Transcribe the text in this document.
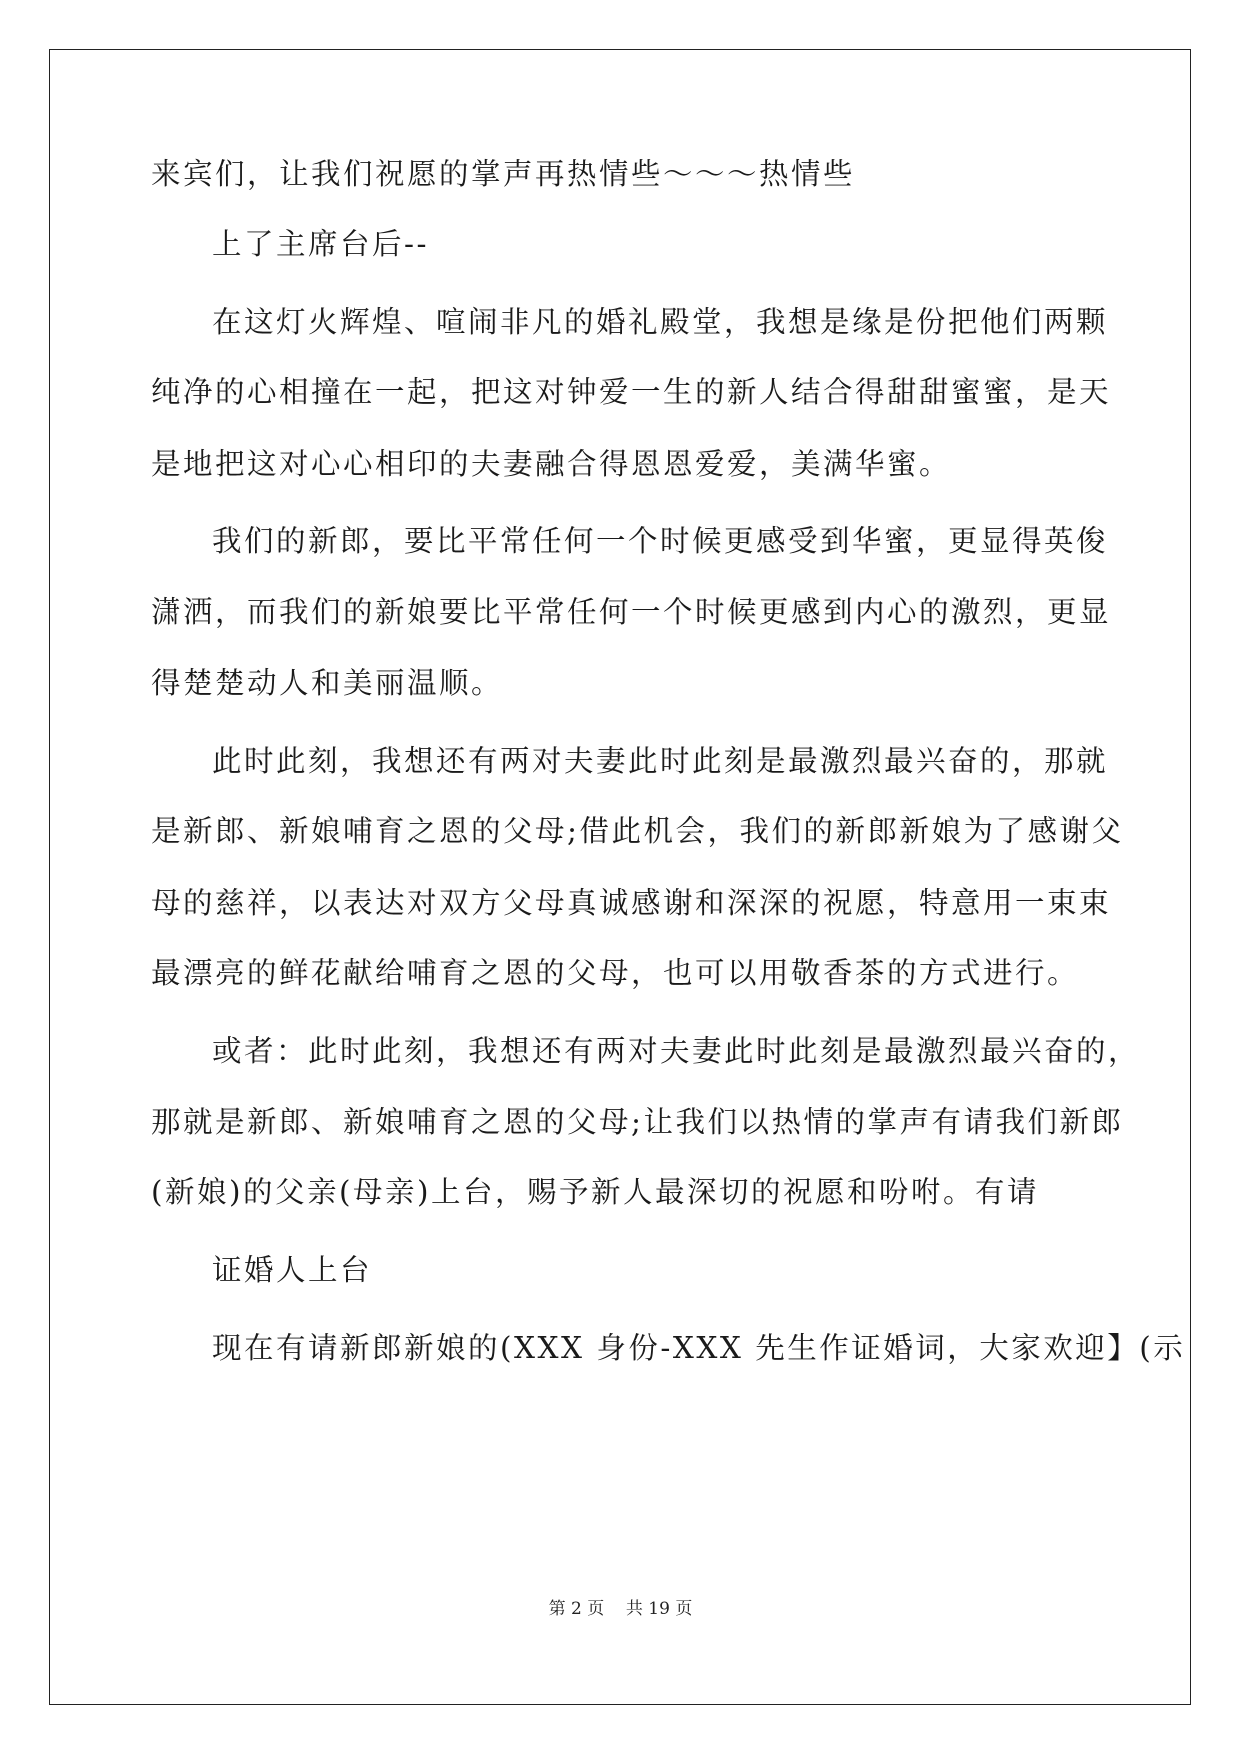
来宾们，让我们祝愿的掌声再热情些～～～热情些
上了主席台后--
在这灯火辉煌、喧闹非凡的婚礼殿堂，我想是缘是份把他们两颗
纯净的心相撞在一起，把这对钟爱一生的新人结合得甜甜蜜蜜，是天
是地把这对心心相印的夫妻融合得恩恩爱爱，美满华蜜。
我们的新郎，要比平常任何一个时候更感受到华蜜，更显得英俊
潇洒，而我们的新娘要比平常任何一个时候更感到内心的激烈，更显
得楚楚动人和美丽温顺。
此时此刻，我想还有两对夫妻此时此刻是最激烈最兴奋的，那就
是新郎、新娘哺育之恩的父母;借此机会，我们的新郎新娘为了感谢父
母的慈祥，以表达对双方父母真诚感谢和深深的祝愿，特意用一束束
最漂亮的鲜花献给哺育之恩的父母，也可以用敬香茶的方式进行。
或者：此时此刻，我想还有两对夫妻此时此刻是最激烈最兴奋的，
那就是新郎、新娘哺育之恩的父母;让我们以热情的掌声有请我们新郎
(新娘)的父亲(母亲)上台，赐予新人最深切的祝愿和吩咐。有请
证婚人上台
现在有请新郎新娘的(XXX 身份-XXX 先生作证婚词，大家欢迎】(示
第 2 页    共 19 页
